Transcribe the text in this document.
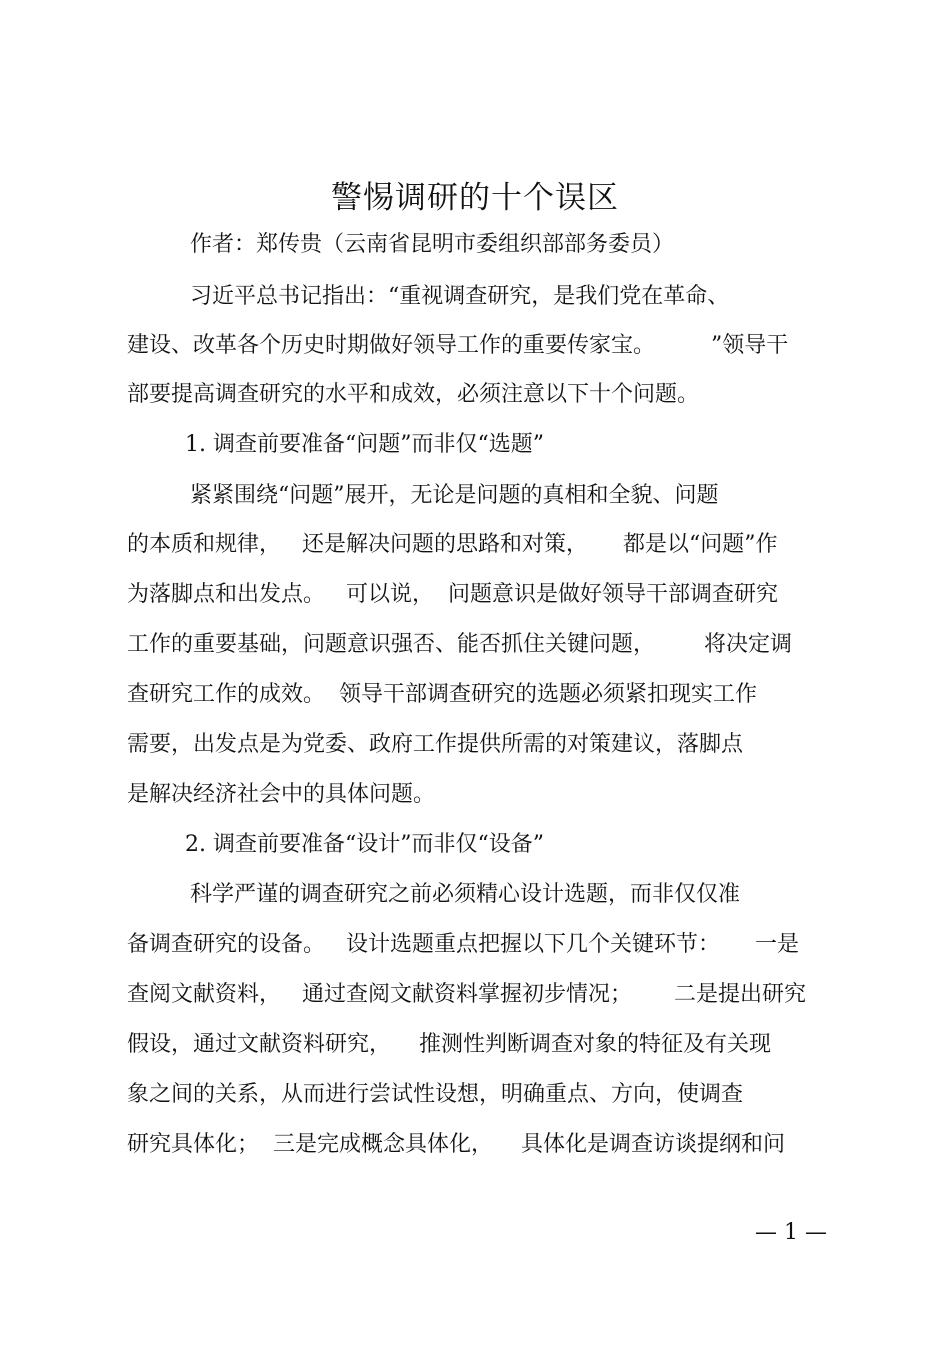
警惕调研的十个误区
作者：郑传贵（云南省昆明市委组织部部务委员）
习近平总书记指出：“重视调查研究，是我们党在革命、
建设、改革各个历史时期做好领导工作的重要传家宝。        ”领导干
部要提高调查研究的水平和成效，必须注意以下十个问题。
1. 调查前要准备“问题”而非仅“选题”
紧紧围绕“问题”展开，无论是问题的真相和全貌、问题
的本质和规律，   还是解决问题的思路和对策，     都是以“问题”作
为落脚点和出发点。   可以说，  问题意识是做好领导干部调查研究
工作的重要基础，问题意识强否、能否抓住关键问题，       将决定调
查研究工作的成效。  领导干部调查研究的选题必须紧扣现实工作
需要，出发点是为党委、政府工作提供所需的对策建议，落脚点
是解决经济社会中的具体问题。
2. 调查前要准备“设计”而非仅“设备”
科学严谨的调查研究之前必须精心设计选题，而非仅仅准
备调查研究的设备。   设计选题重点把握以下几个关键环节：     一是
查阅文献资料，   通过查阅文献资料掌握初步情况；      二是提出研究
假设，通过文献资料研究，    推测性判断调查对象的特征及有关现
象之间的关系，从而进行尝试性设想，明确重点、方向，使调查
研究具体化；  三是完成概念具体化，    具体化是调查访谈提纲和问
— 1 —
